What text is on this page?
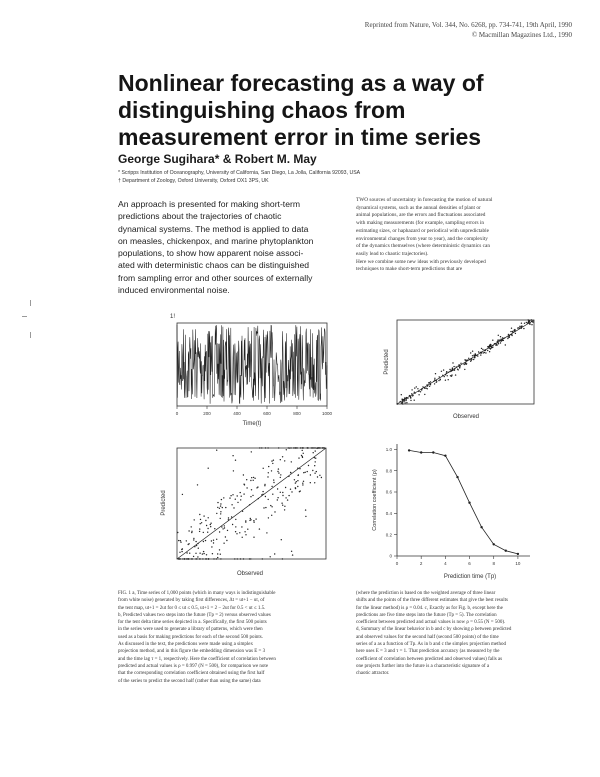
Reprinted from Nature, Vol. 344, No. 6268, pp. 734-741, 19th April, 1990
© Macmillan Magazines Ltd., 1990
Nonlinear forecasting as a way of
distinguishing chaos from
measurement error in time series
George Sugihara* & Robert M. May
* Scripps Institution of Oceanography, University of California, San Diego, La Jolla, California 92093, USA
† Department of Zoology, Oxford University, Oxford OX1 3PS, UK
An approach is presented for making short-term
predictions about the trajectories of chaotic
dynamical systems. The method is applied to data
on measles, chickenpox, and marine phytoplankton
populations, to show how apparent noise associ-
ated with deterministic chaos can be distinguished
from sampling error and other sources of externally
induced environmental noise.
TWO sources of uncertainty in forecasting the motion of natural
dynamical systems, such as the annual densities of plant or
animal populations, are the errors and fluctuations associated
with making measurements (for example, sampling errors in
estimating sizes, or haphazard or periodical with unpredictable
environmental changes from year to year), and the complexity
of the dynamics themselves (where deterministic dynamics can
easily lead to chaotic trajectories).
Here we combine some new ideas with previously developed
techniques to make short-term predictions that are
1!
0	200	400	600	800	1000
Time(t)
Predicted
Observed
Predicted
Observed
1.0
0.8
0.6
0.4
0.2
0
0	2	4	6	8	10
Correlation coefficient (ρ)
Prediction time (Tp)
FIG. 1 a, Time series of 1,000 points (which in many ways is indistinguishable
from white noise) generated by taking first differences, Δt = ut+1 − ut, of
the tent map, ut+1 = 2ut for 0 ≤ ut ≤ 0.5, ut+1 = 2 − 2ut for 0.5 < ut ≤ 1.5.
b, Predicted values two steps into the future (Tp = 2) versus observed values
for the tent delta time series depicted in a. Specifically, the first 500 points
in the series were used to generate a library of patterns, which were then
used as a basis for making predictions for each of the second 500 points.
As discussed in the text, the predictions were made using a simplex
projection method, and in this figure the embedding dimension was E = 3
and the time lag τ = 1, respectively. Here the coefficient of correlation between
predicted and actual values is ρ = 0.997 (N = 500), for comparison we note
that the corresponding correlation coefficient obtained using the first half
of the series to predict the second half (rather than using the same) data
(where the prediction is based on the weighted average of three linear
shifts and the points of the three different estimates that give the best results
for the linear method) is ρ = 0.04. c, Exactly as for Fig. b, except here the
predictions are five time steps into the future (Tp = 5). The correlation
coefficient between predicted and actual values is now ρ = 0.55 (N = 500).
d, Summary of the linear behavior in b and c by showing ρ between predicted
and observed values for the second half (second 500 points) of the time
series of a as a function of Tp. As in b and c the simplex projection method
here uses E = 3 and τ = 1. That prediction accuracy (as measured by the
coefficient of correlation between predicted and observed values) falls as
one projects further into the future is a characteristic signature of a
chaotic attractor.
